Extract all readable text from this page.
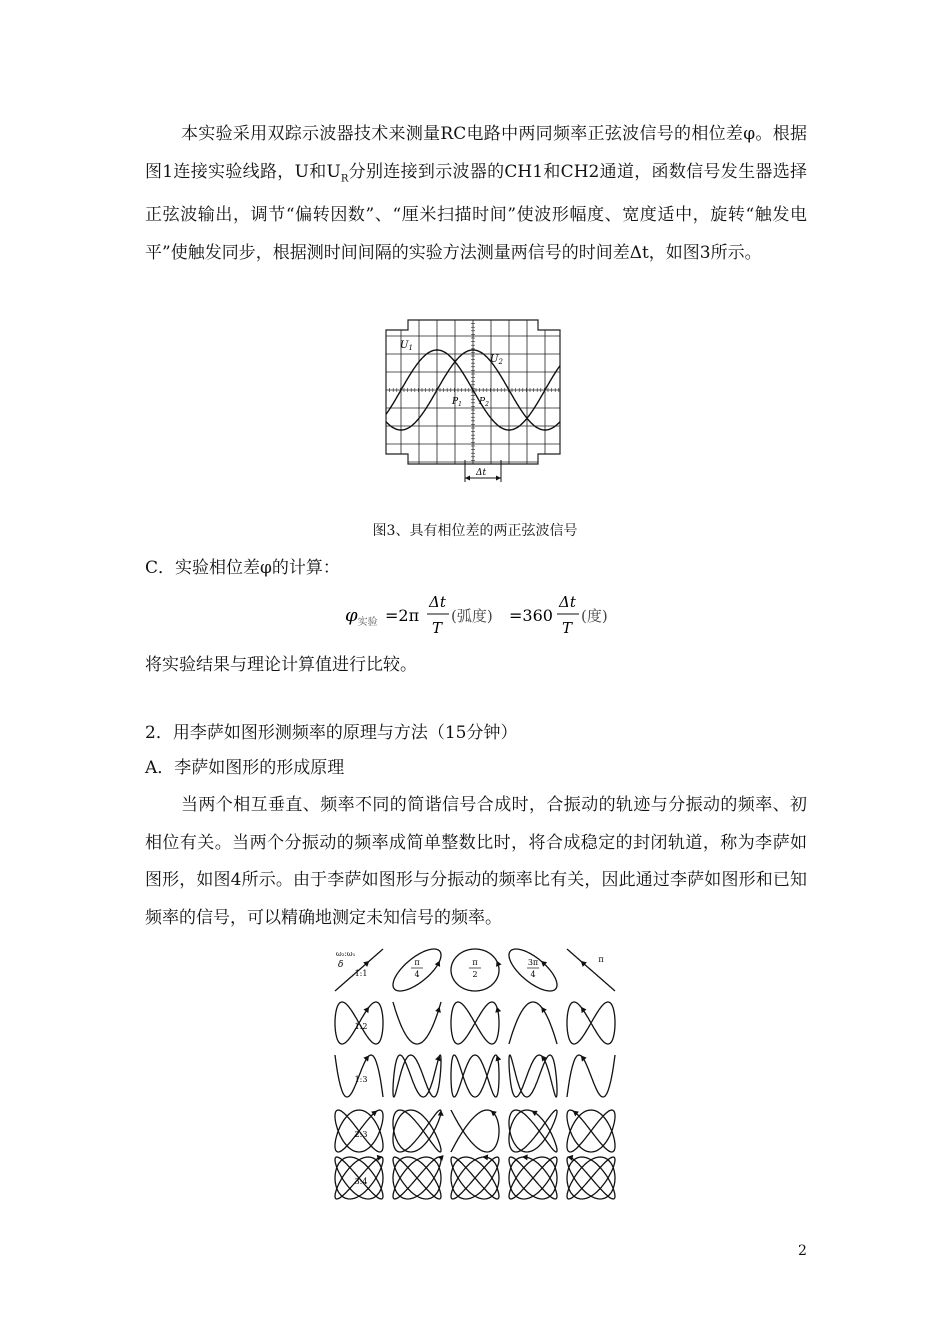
本实验采用双踪示波器技术来测量RC电路中两同频率正弦波信号的相位差φ。根据图1连接实验线路，U和$U_R$分别连接到示波器的CH1和CH2通道，函数信号发生器选择正弦波输出，调节“偏转因数”、“厘米扫描时间”使波形幅度、宽度适中，旋转“触发电平”使触发同步，根据测时间间隔的实验方法测量两信号的时间差Δt，如图3所示。

$U_1$
$U_2$
$P_1$ $P_2$
Δt
图3、具有相位差的两正弦波信号

C．实验相位差φ的计算：

$\varphi_{实验} =2\pi$
Δt
T
(弧度) =360
Δt
T
(度)

将实验结果与理论计算值进行比较。

2．用李萨如图形测频率的原理与方法（15分钟）

A．李萨如图形的形成原理

当两个相互垂直、频率不同的简谐信号合成时，合振动的轨迹与分振动的频率、初相位有关。当两个分振动的频率成简单整数比时，将合成稳定的封闭轨道，称为李萨如图形，如图4所示。由于李萨如图形与分振动的频率比有关，因此通过李萨如图形和已知频率的信号，可以精确地测定未知信号的频率。

ω₂:ω₁
δ	π
4
π
2
3π
4
π
1:1
1:2
1:3
2:3
3:4
2
